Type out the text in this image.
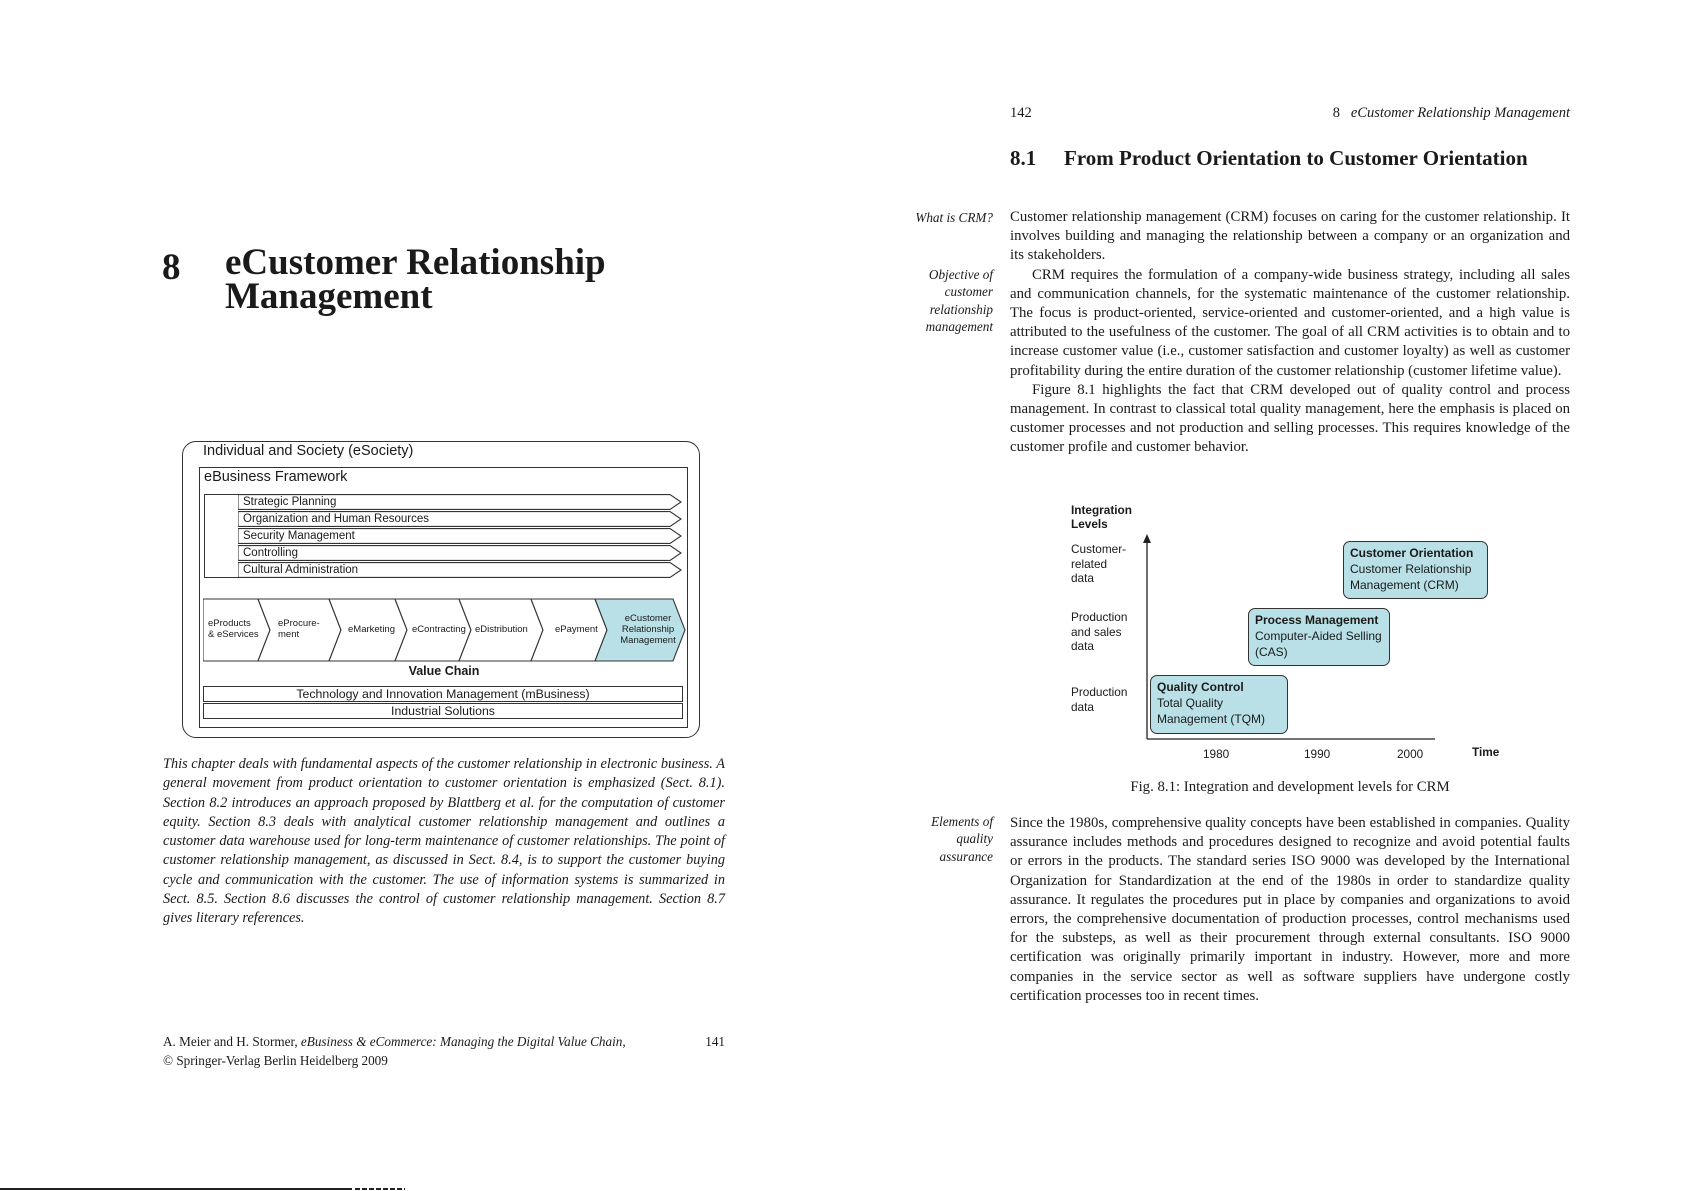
8 eCustomer Relationship
Management
Individual and Society (eSociety)
eBusiness Framework
Strategic Planning
Organization and Human Resources
Security Management
Controlling
Cultural Administration
eProducts
& eServices
eProcure-
ment	eMarketing	eContracting eDistribution	ePayment
eCustomer
Relationship
Management
Value Chain
Technology and Innovation Management (mBusiness)
Industrial Solutions
This chapter deals with fundamental aspects of the customer relationship in electronic business. A general movement from product orientation to customer orientation is emphasized (Sect. 8.1). Section 8.2 introduces an approach proposed by Blattberg et al. for the computation of customer equity. Section 8.3 deals with analytical customer relationship management and outlines a customer data warehouse used for long-term maintenance of customer relationships. The point of customer relationship management, as discussed in Sect. 8.4, is to support the customer buying cycle and communication with the customer. The use of information systems is summarized in Sect. 8.5. Section 8.6 discusses the control of customer relationship management. Section 8.7 gives literary references.
A. Meier and H. Stormer, eBusiness & eCommerce: Managing the Digital Value Chain,	141
© Springer-Verlag Berlin Heidelberg 2009
142	8 eCustomer Relationship Management
8.1 From Product Orientation to Customer Orientation
What is CRM?
Objective of
customer
relationship
management
Elements of
quality
assurance

Customer relationship management (CRM) focuses on caring for the customer relationship. It involves building and managing the relationship between a company or an organization and its stakeholders.

CRM requires the formulation of a company-wide business strategy, including all sales and communication channels, for the systematic maintenance of the customer relationship. The focus is product-oriented, service-oriented and customer-oriented, and a high value is attributed to the usefulness of the customer. The goal of all CRM activities is to obtain and to increase customer value (i.e., customer satisfaction and customer loyalty) as well as customer profitability during the entire duration of the customer relationship (customer lifetime value).

Figure 8.1 highlights the fact that CRM developed out of quality control and process management. In contrast to classical total quality management, here the emphasis is placed on customer processes and not production and selling processes. This requires knowledge of the customer profile and customer behavior.

Integration
Levels
Customer-
related
data
Production
and sales
data
Production
data
Quality Control
Total Quality
Management (TQM)
Process Management
Computer-Aided Selling
(CAS)
Customer Orientation
Customer Relationship
Management (CRM)
1980	1990	2000	Time
Fig. 8.1: Integration and development levels for CRM
Since the 1980s, comprehensive quality concepts have been established in companies. Quality assurance includes methods and procedures designed to recognize and avoid potential faults or errors in the products. The standard series ISO 9000 was developed by the International Organization for Standardization at the end of the 1980s in order to standardize quality assurance. It regulates the procedures put in place by companies and organizations to avoid errors, the comprehensive documentation of production processes, control mechanisms used for the substeps, as well as their procurement through external consultants. ISO 9000 certification was originally primarily important in industry. However, more and more companies in the service sector as well as software suppliers have undergone costly certification processes too in recent times.
